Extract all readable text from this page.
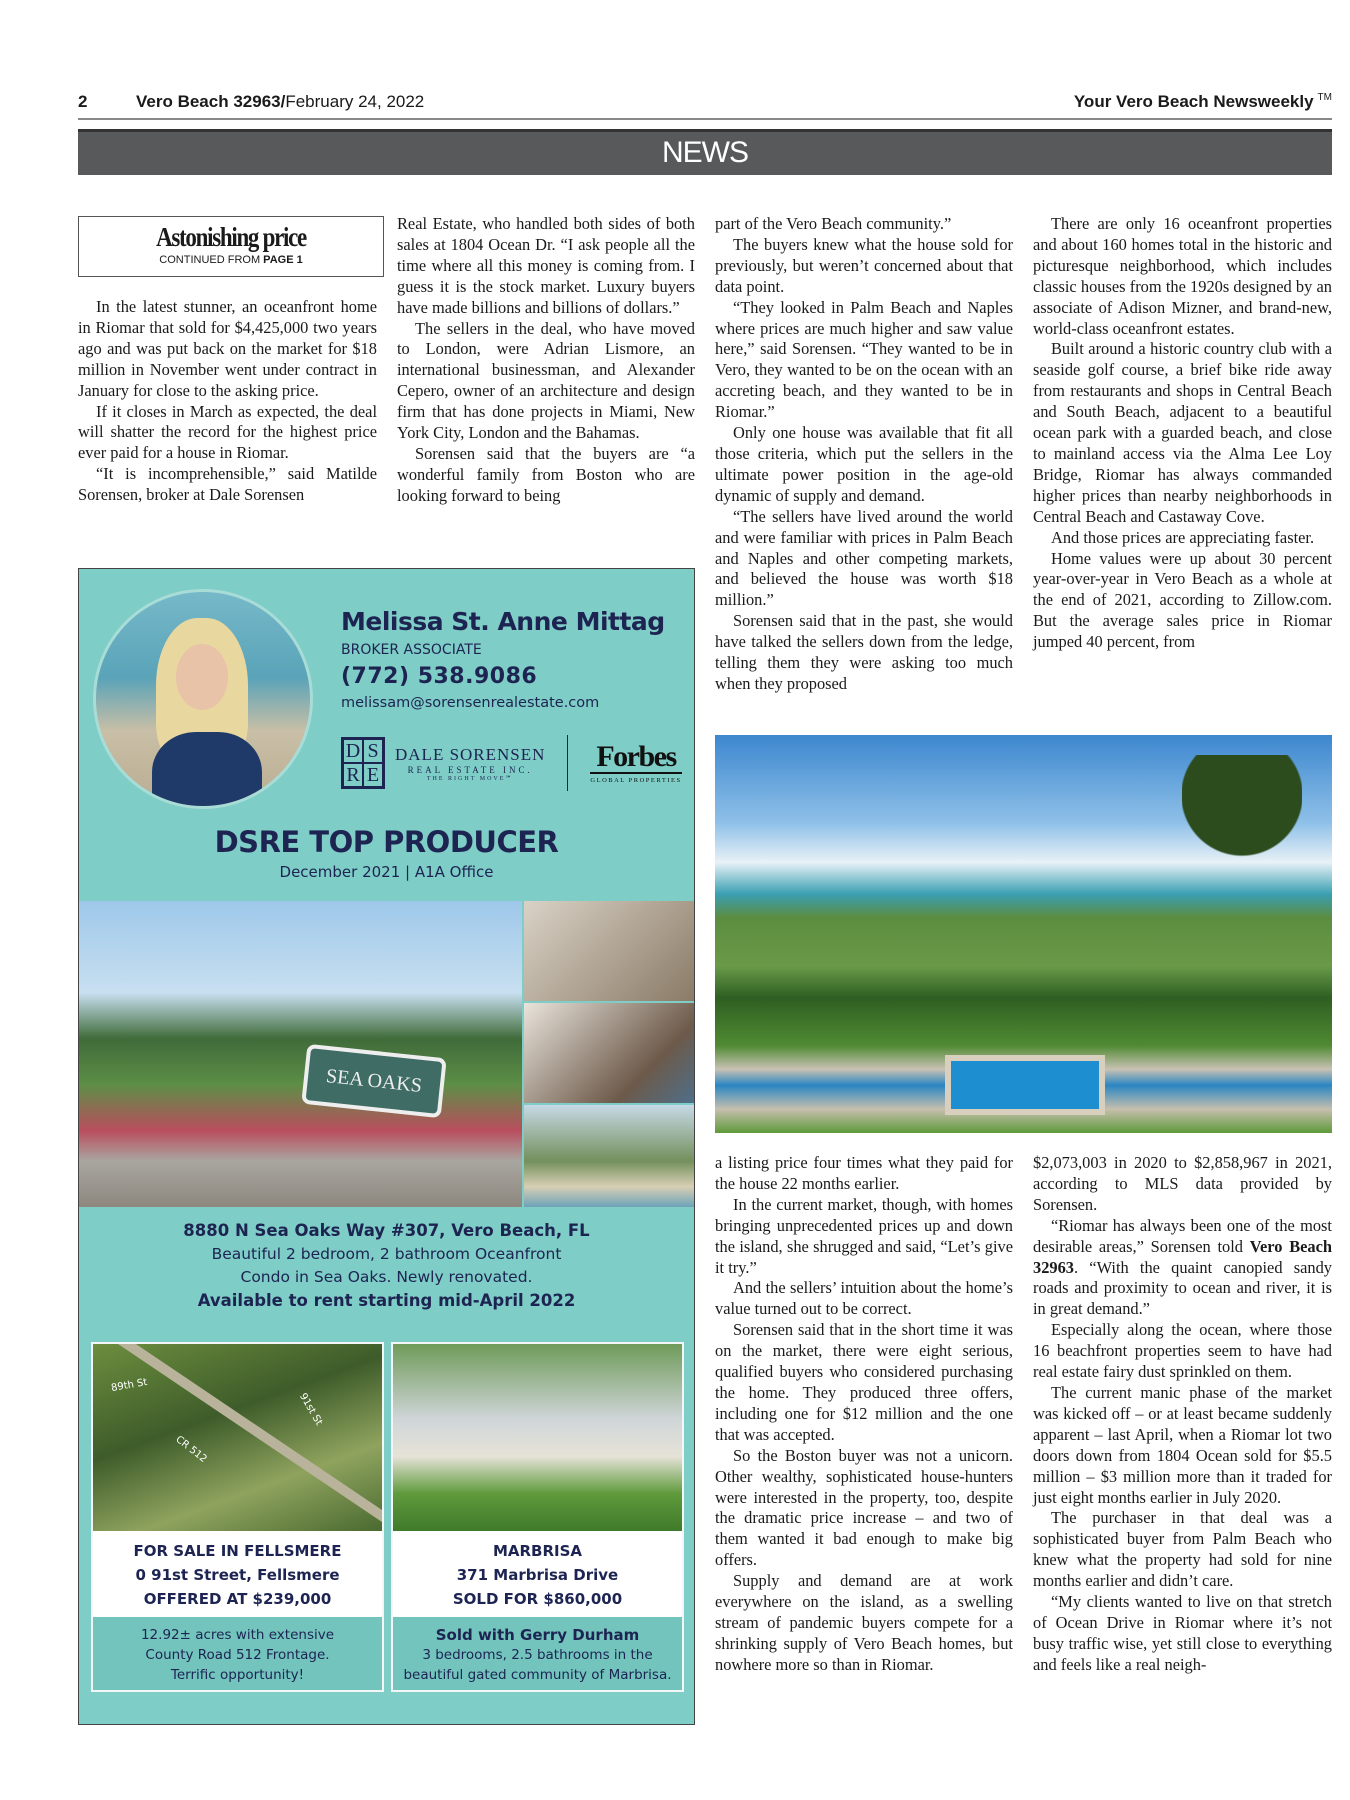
2	Vero Beach 32963 / February 24, 2022	Your Vero Beach Newsweekly ™
NEWS
Astonishing price
CONTINUED FROM PAGE 1

In the latest stunner, an oceanfront home in Riomar that sold for $4,425,000 two years ago and was put back on the market for $18 million in November went under contract in January for close to the asking price.

If it closes in March as expected, the deal will shatter the record for the highest price ever paid for a house in Riomar.

“It is incomprehensible,” said Matilde Sorensen, broker at Dale Sorensen

Real Estate, who handled both sides of both sales at 1804 Ocean Dr. “I ask people all the time where all this money is coming from. I guess it is the stock market. Luxury buyers have made billions and billions of dollars.”

The sellers in the deal, who have moved to London, were Adrian Lismore, an international businessman, and Alexander Cepero, owner of an architecture and design firm that has done projects in Miami, New York City, London and the Bahamas.

Sorensen said that the buyers are “a wonderful family from Boston who are looking forward to being

part of the Vero Beach community.”

The buyers knew what the house sold for previously, but weren’t concerned about that data point.

“They looked in Palm Beach and Naples where prices are much higher and saw value here,” said Sorensen. “They wanted to be in Vero, they wanted to be on the ocean with an accreting beach, and they wanted to be in Riomar.”

Only one house was available that fit all those criteria, which put the sellers in the ultimate power position in the age-old dynamic of supply and demand.

“The sellers have lived around the world and were familiar with prices in Palm Beach and Naples and other competing markets, and believed the house was worth $18 million.”

Sorensen said that in the past, she would have talked the sellers down from the ledge, telling them they were asking too much when they proposed

There are only 16 oceanfront properties and about 160 homes total in the historic and picturesque neighborhood, which includes classic houses from the 1920s designed by an associate of Adison Mizner, and brand-new, world-class oceanfront estates.

Built around a historic country club with a seaside golf course, a brief bike ride away from restaurants and shops in Central Beach and South Beach, adjacent to a beautiful ocean park with a guarded beach, and close to mainland access via the Alma Lee Loy Bridge, Riomar has always commanded higher prices than nearby neighborhoods in Central Beach and Castaway Cove.

And those prices are appreciating faster.

Home values were up about 30 percent year-over-year in Vero Beach as a whole at the end of 2021, according to Zillow.com. But the average sales price in Riomar jumped 40 percent, from

a listing price four times what they paid for the house 22 months earlier.

In the current market, though, with homes bringing unprecedented prices up and down the island, she shrugged and said, “Let’s give it try.”

And the sellers’ intuition about the home’s value turned out to be correct.

Sorensen said that in the short time it was on the market, there were eight serious, qualified buyers who considered purchasing the home. They produced three offers, including one for $12 million and the one that was accepted.

So the Boston buyer was not a unicorn. Other wealthy, sophisticated house-hunters were interested in the property, too, despite the dramatic price increase – and two of them wanted it bad enough to make big offers.

Supply and demand are at work everywhere on the island, as a swelling stream of pandemic buyers compete for a shrinking supply of Vero Beach homes, but nowhere more so than in Riomar.

$2,073,003 in 2020 to $2,858,967 in 2021, according to MLS data provided by Sorensen.

“Riomar has always been one of the most desirable areas,” Sorensen told Vero Beach 32963. “With the quaint canopied sandy roads and proximity to ocean and river, it is in great demand.”

Especially along the ocean, where those 16 beachfront properties seem to have had real estate fairy dust sprinkled on them.

The current manic phase of the market was kicked off – or at least became suddenly apparent – last April, when a Riomar lot two doors down from 1804 Ocean sold for $5.5 million – $3 million more than it traded for just eight months earlier in July 2020.

The purchaser in that deal was a sophisticated buyer from Palm Beach who knew what the property had sold for nine months earlier and didn’t care.

“My clients wanted to live on that stretch of Ocean Drive in Riomar where it’s not busy traffic wise, yet still close to everything and feels like a real neigh-

Melissa St. Anne Mittag
BROKER ASSOCIATE
(772) 538.9086
melissam@sorensenrealestate.com
D S
R E
DALE SORENSEN
REAL ESTATE INC.
THE RIGHT MOVE℠
Forbes
GLOBAL PROPERTIES
DSRE TOP PRODUCER
December 2021 | A1A Office
SEA OAKS
8880 N Sea Oaks Way #307, Vero Beach, FL
Beautiful 2 bedroom, 2 bathroom Oceanfront
Condo in Sea Oaks. Newly renovated.
Available to rent starting mid-April 2022
89th St
91st St
CR 512
FOR SALE IN FELLSMERE
0 91st Street, Fellsmere
OFFERED AT $239,000
12.92± acres with extensive
County Road 512 Frontage.
Terrific opportunity!
MARBRISA
371 Marbrisa Drive
SOLD FOR $860,000
Sold with Gerry Durham
3 bedrooms, 2.5 bathrooms in the
beautiful gated community of Marbrisa.
